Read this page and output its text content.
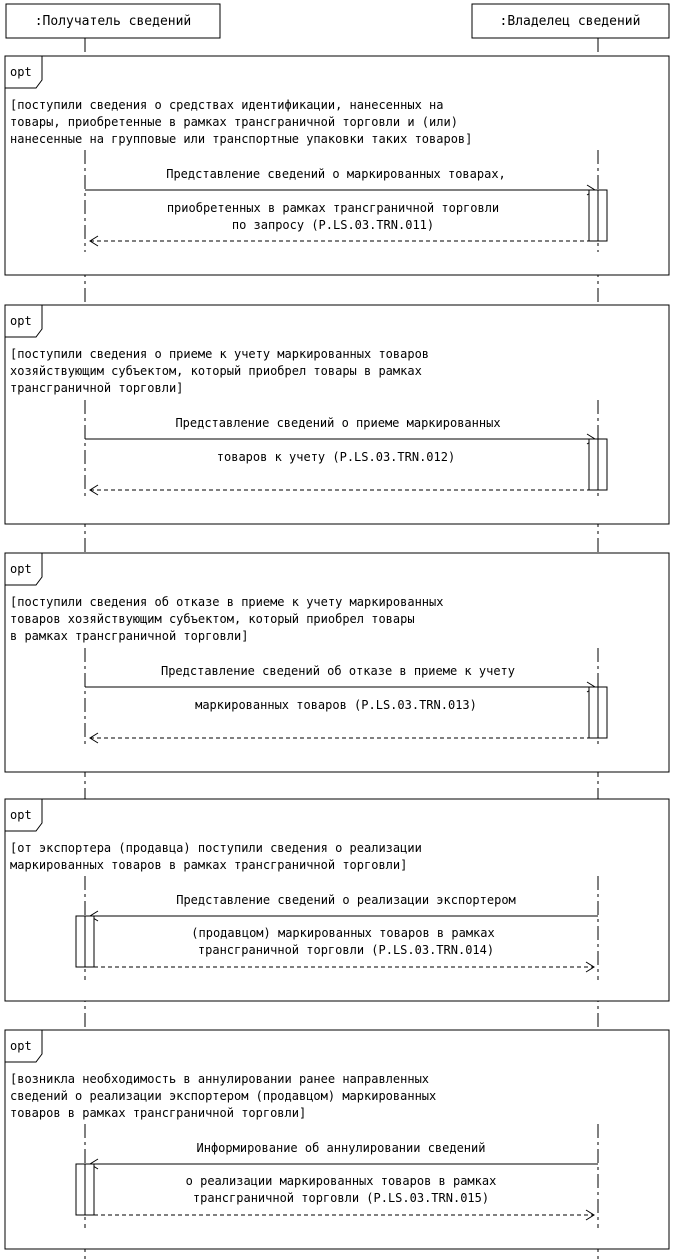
:Получатель сведений	:Владелец сведений
opt
[поступили сведения о средствах идентификации, нанесенных на
товары, приобретенные в рамках трансграничной торговли и (или)
нанесенные на групповые или транспортные упаковки таких товаров]
Представление сведений о маркированных товарах,
приобретенных в рамках трансграничной торговли
по запросу (P.LS.03.TRN.011)
opt
[поступили сведения о приеме к учету маркированных товаров
хозяйствующим субъектом, который приобрел товары в рамках
трансграничной торговли]
Представление сведений о приеме маркированных
товаров к учету (P.LS.03.TRN.012)
opt
[поступили сведения об отказе в приеме к учету маркированных
товаров хозяйствующим субъектом, который приобрел товары
в рамках трансграничной торговли]
Представление сведений об отказе в приеме к учету
маркированных товаров (P.LS.03.TRN.013)
opt
[от экспортера (продавца) поступили сведения о реализации
маркированных товаров в рамках трансграничной торговли]
Представление сведений о реализации экспортером
(продавцом) маркированных товаров в рамках
трансграничной торговли (P.LS.03.TRN.014)
opt
[возникла необходимость в аннулировании ранее направленных
сведений о реализации экспортером (продавцом) маркированных
товаров в рамках трансграничной торговли]
Информирование об аннулировании сведений
о реализации маркированных товаров в рамках
трансграничной торговли (P.LS.03.TRN.015)
